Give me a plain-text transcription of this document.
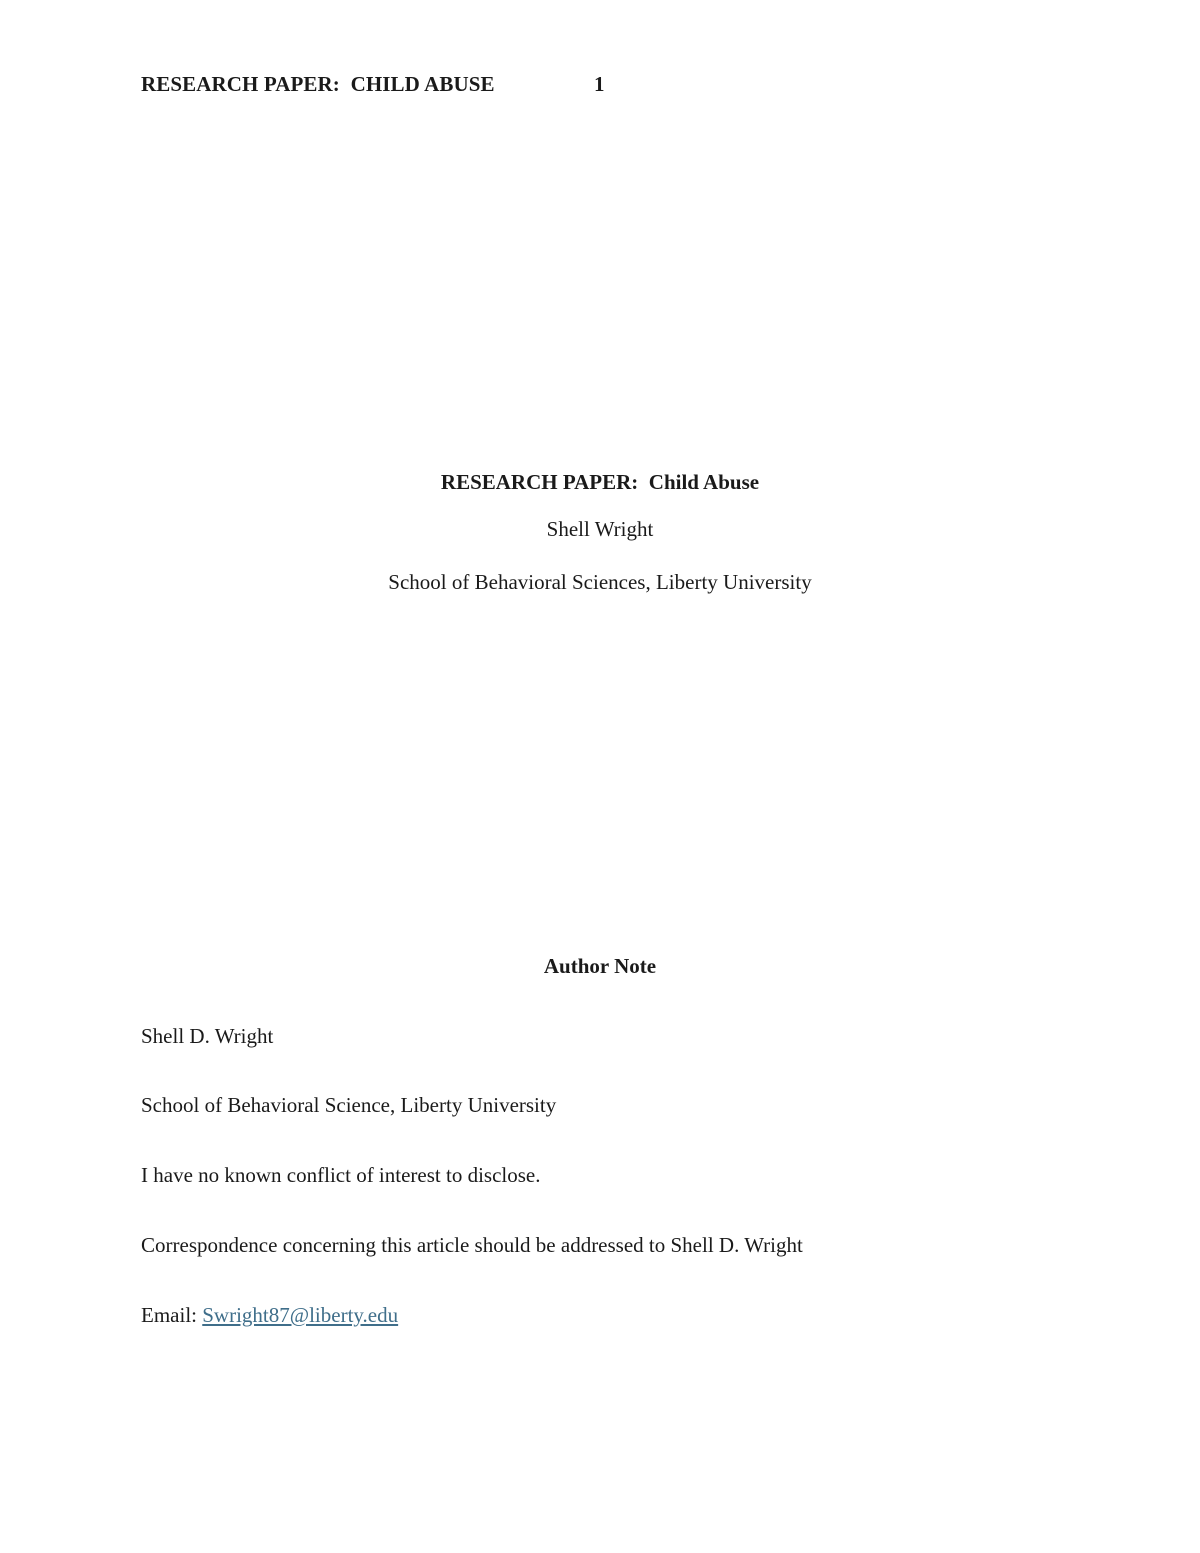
RESEARCH PAPER:  CHILD ABUSE	1
RESEARCH PAPER:  Child Abuse
Shell Wright
School of Behavioral Sciences, Liberty University
Author Note
Shell D. Wright
School of Behavioral Science, Liberty University
I have no known conflict of interest to disclose.
Correspondence concerning this article should be addressed to Shell D. Wright
Email: Swright87@liberty.edu
